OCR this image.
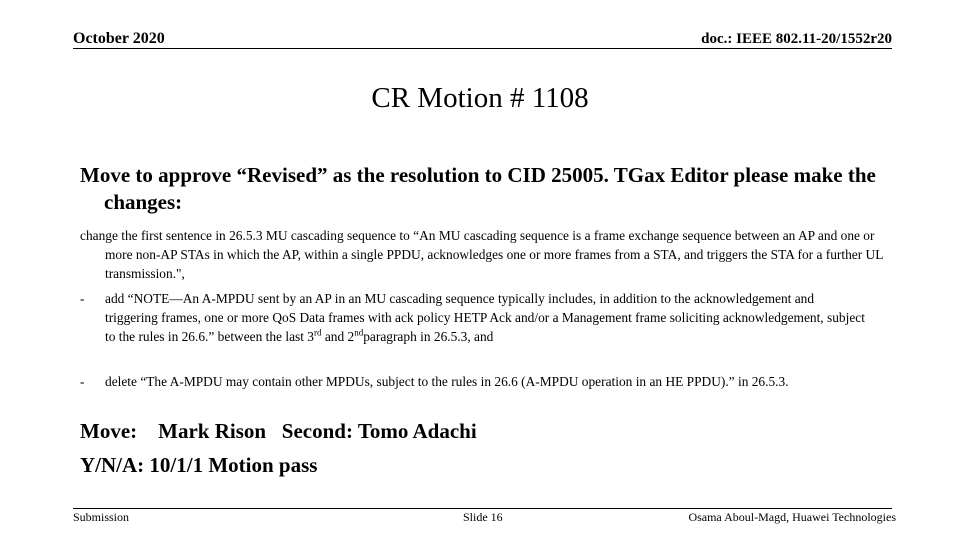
October 2020	doc.: IEEE 802.11-20/1552r20
CR Motion # 1108
Move to approve “Revised” as the resolution to CID 25005. TGax Editor please make the changes:
change the first sentence in 26.5.3 MU cascading sequence to “An MU cascading sequence is a frame exchange sequence between an AP and one or more non-AP STAs in which the AP, within a single PPDU, acknowledges one or more frames from a STA, and triggers the STA for a further UL transmission.",
-	add “NOTE—An A-MPDU sent by an AP in an MU cascading sequence typically includes, in addition to the acknowledgement and triggering frames, one or more QoS Data frames with ack policy HETP Ack and/or a Management frame soliciting acknowledgement, subject to the rules in 26.6.” between the last 3rd and 2ndparagraph in 26.5.3, and
-	delete “The A-MPDU may contain other MPDUs, subject to the rules in 26.6 (A-MPDU operation in an HE PPDU).” in 26.5.3.
Move:    Mark Rison   Second: Tomo Adachi
Y/N/A: 10/1/1 Motion pass
Submission	Slide 16	Osama Aboul-Magd, Huawei Technologies
